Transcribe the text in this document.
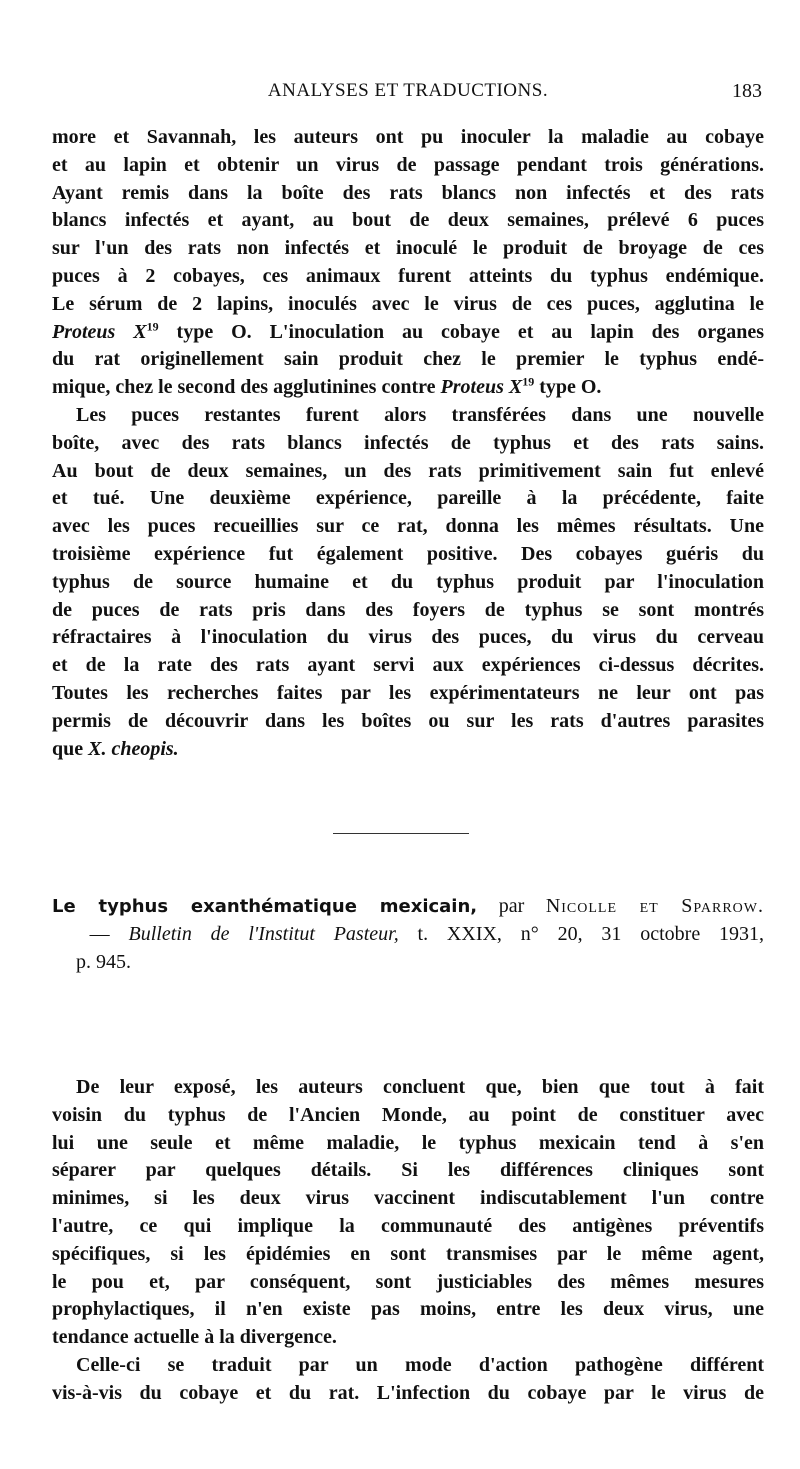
ANALYSES ET TRADUCTIONS.	183
more et Savannah, les auteurs ont pu inoculer la maladie au cobaye
et au lapin et obtenir un virus de passage pendant trois générations.
Ayant remis dans la boîte des rats blancs non infectés et des rats
blancs infectés et ayant, au bout de deux semaines, prélevé 6 puces
sur l'un des rats non infectés et inoculé le produit de broyage de ces
puces à 2 cobayes, ces animaux furent atteints du typhus endémique.
Le sérum de 2 lapins, inoculés avec le virus de ces puces, agglutina le
Proteus $X^{19}$ type O. L'inoculation au cobaye et au lapin des organes
du rat originellement sain produit chez le premier le typhus endé-
mique, chez le second des agglutinines contre Proteus $X^{19}$ type O.
Les puces restantes furent alors transférées dans une nouvelle
boîte, avec des rats blancs infectés de typhus et des rats sains.
Au bout de deux semaines, un des rats primitivement sain fut enlevé
et tué. Une deuxième expérience, pareille à la précédente, faite
avec les puces recueillies sur ce rat, donna les mêmes résultats. Une
troisième expérience fut également positive. Des cobayes guéris du
typhus de source humaine et du typhus produit par l'inoculation
de puces de rats pris dans des foyers de typhus se sont montrés
réfractaires à l'inoculation du virus des puces, du virus du cerveau
et de la rate des rats ayant servi aux expériences ci-dessus décrites.
Toutes les recherches faites par les expérimentateurs ne leur ont pas
permis de découvrir dans les boîtes ou sur les rats d'autres parasites
que X. cheopis.
Le typhus exanthématique mexicain, par Nicolle et Sparrow.
— Bulletin de l'Institut Pasteur, t. XXIX, n° 20, 31 octobre 1931,
p. 945.
De leur exposé, les auteurs concluent que, bien que tout à fait
voisin du typhus de l'Ancien Monde, au point de constituer avec
lui une seule et même maladie, le typhus mexicain tend à s'en
séparer par quelques détails. Si les différences cliniques sont
minimes, si les deux virus vaccinent indiscutablement l'un contre
l'autre, ce qui implique la communauté des antigènes préventifs
spécifiques, si les épidémies en sont transmises par le même agent,
le pou et, par conséquent, sont justiciables des mêmes mesures
prophylactiques, il n'en existe pas moins, entre les deux virus, une
tendance actuelle à la divergence.
Celle-ci se traduit par un mode d'action pathogène différent
vis-à-vis du cobaye et du rat. L'infection du cobaye par le virus de
